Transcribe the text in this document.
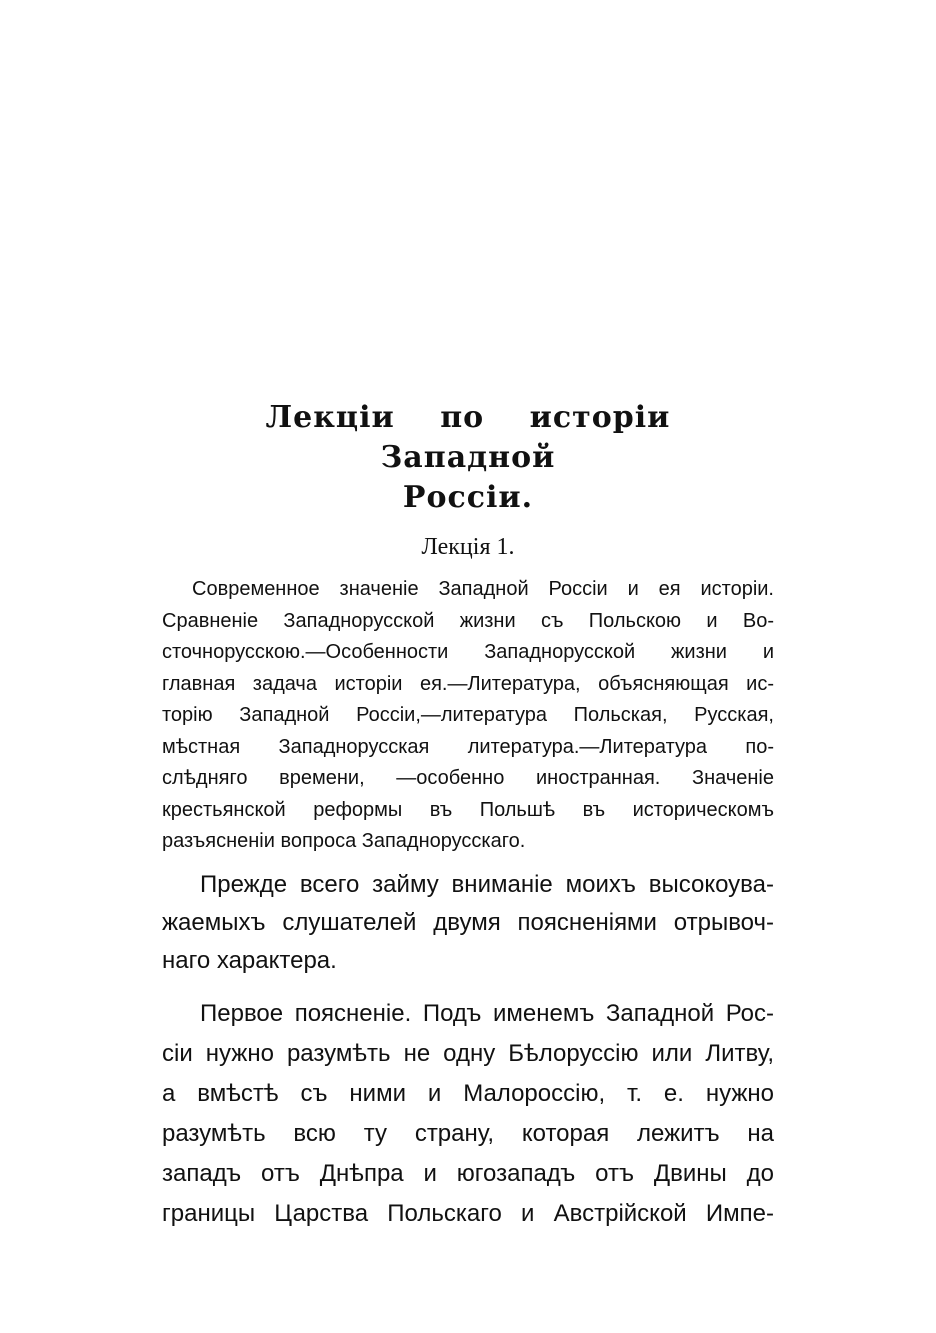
Лекціи по исторіи Западной
Россіи.
Лекція 1.
Современное значеніе Западной Россіи и ея исторіи.
Сравненіе Западнорусской жизни съ Польскою и Во-
сточнорусскою.—Особенности Западнорусской жизни и
главная задача исторіи ея.—Литература, объясняющая ис-
торію Западной Россіи,—литература Польская, Русская,
мѣстная Западнорусская литература.—Литература по-
слѣдняго времени, —особенно иностранная. Значеніе
крестьянской реформы въ Польшѣ въ историческомъ
разъясненіи вопроса Западнорусскаго.
Прежде всего займу вниманіе моихъ высокоува-
жаемыхъ слушателей двумя поясненіями отрывоч-
наго характера.
Первое поясненіе. Подъ именемъ Западной Рос-
сіи нужно разумѣть не одну Бѣлоруссію или Литву,
а вмѣстѣ съ ними и Малороссію, т. е. нужно
разумѣть всю ту страну, которая лежитъ на
западъ отъ Днѣпра и югозападъ отъ Двины до
границы Царства Польскаго и Австрійской Импе-
